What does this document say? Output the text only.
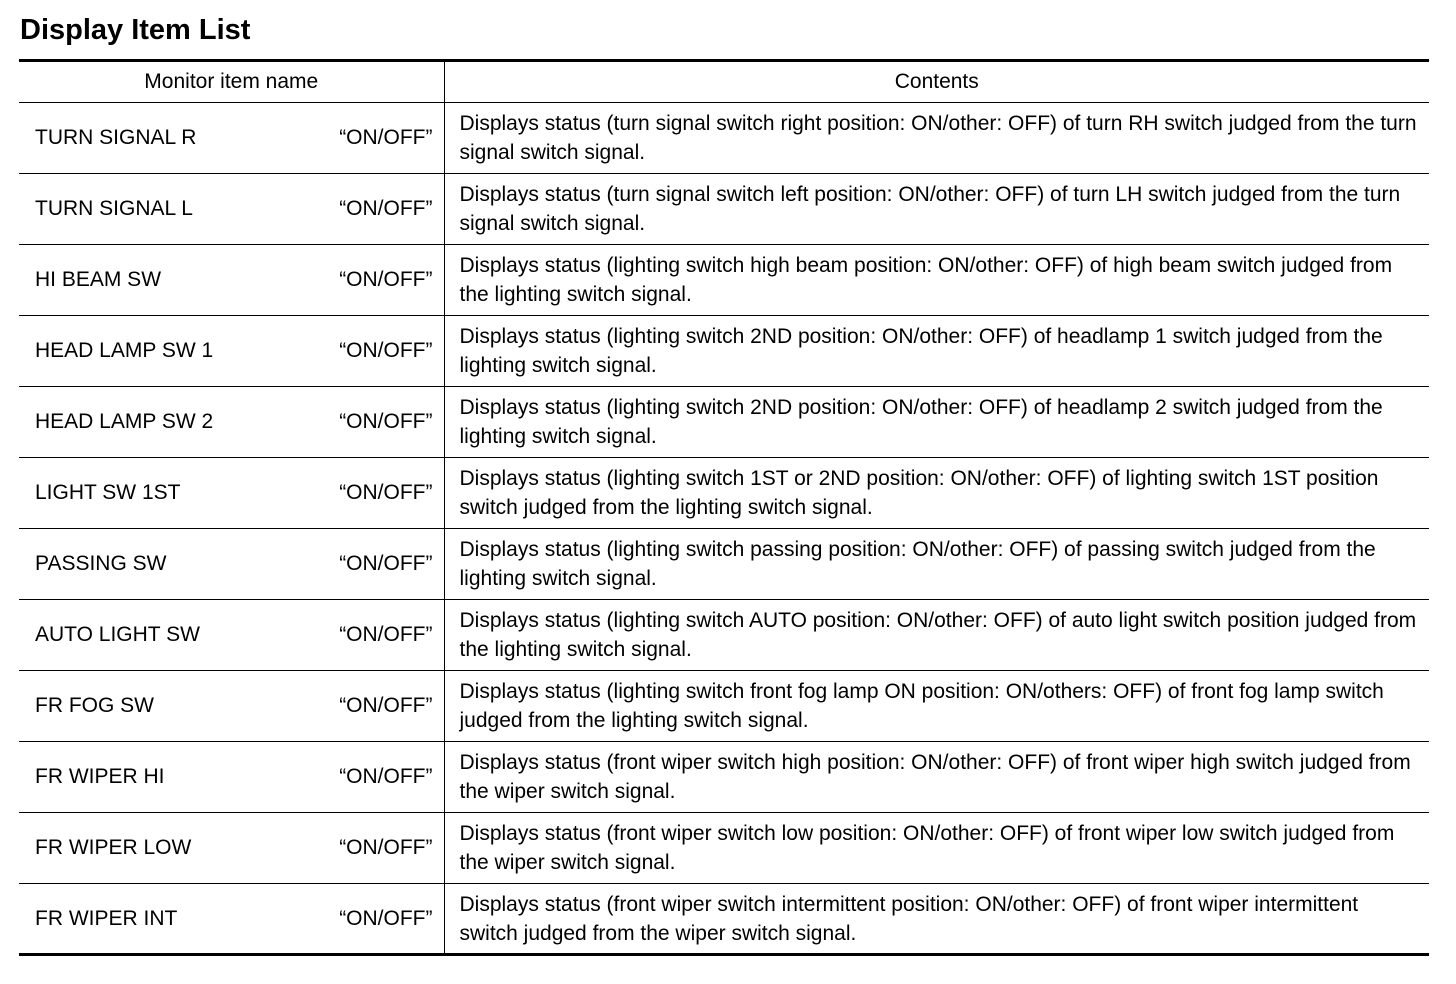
Display Item List
Monitor item name	Contents

TURN SIGNAL R “ON/OFF”	Displays status (turn signal switch right position: ON/other: OFF) of turn RH switch judged from the turn signal switch signal.

TURN SIGNAL L “ON/OFF”	Displays status (turn signal switch left position: ON/other: OFF) of turn LH switch judged from the turn signal switch signal.

HI BEAM SW “ON/OFF”	Displays status (lighting switch high beam position: ON/other: OFF) of high beam switch judged from the lighting switch signal.

HEAD LAMP SW 1 “ON/OFF”	Displays status (lighting switch 2ND position: ON/other: OFF) of headlamp 1 switch judged from the lighting switch signal.

HEAD LAMP SW 2 “ON/OFF”	Displays status (lighting switch 2ND position: ON/other: OFF) of headlamp 2 switch judged from the lighting switch signal.

LIGHT SW 1ST “ON/OFF”	Displays status (lighting switch 1ST or 2ND position: ON/other: OFF) of lighting switch 1ST position switch judged from the lighting switch signal.

PASSING SW “ON/OFF”	Displays status (lighting switch passing position: ON/other: OFF) of passing switch judged from the lighting switch signal.

AUTO LIGHT SW “ON/OFF”	Displays status (lighting switch AUTO position: ON/other: OFF) of auto light switch position judged from the lighting switch signal.

FR FOG SW “ON/OFF”	Displays status (lighting switch front fog lamp ON position: ON/others: OFF) of front fog lamp switch judged from the lighting switch signal.

FR WIPER HI “ON/OFF”	Displays status (front wiper switch high position: ON/other: OFF) of front wiper high switch judged from the wiper switch signal.

FR WIPER LOW “ON/OFF”	Displays status (front wiper switch low position: ON/other: OFF) of front wiper low switch judged from the wiper switch signal.

FR WIPER INT “ON/OFF”	Displays status (front wiper switch intermittent position: ON/other: OFF) of front wiper intermittent switch judged from the wiper switch signal.
